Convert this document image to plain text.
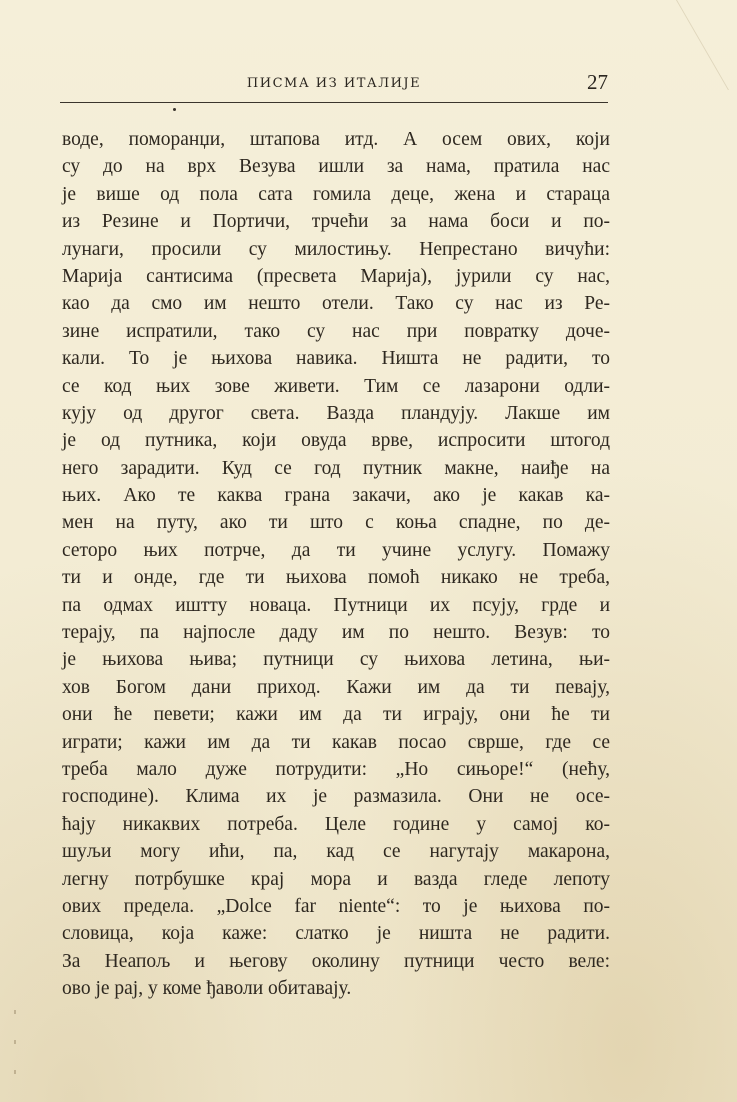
ПИСМА ИЗ ИТАЛИЈЕ	27
воде, поморанџи, штапова итд. А осем ових, који
су до на врх Везува ишли за нама, пратила нас
је више од пола сата гомила деце, жена и стараца
из Резине и Портичи, трчећи за нама боси и по-
лунаги, просили су милостињу. Непрестано вичући:
Марија сантисима (пресвета Марија), јурили су нас,
као да смо им нешто отели. Тако су нас из Ре-
зине испратили, тако су нас при повратку доче-
кали. То је њихова навика. Ништа не радити, то
се код њих зове живети. Тим се лазарони одли-
кују од другог света. Вазда пландују. Лакше им
је од путника, који овуда врве, испросити штогод
него зарадити. Куд се год путник макне, наиђе на
њих. Ако те каква грана закачи, ако је какав ка-
мен на путу, ако ти што с коња спадне, по де-
сеторо њих потрче, да ти учине услугу. Помажу
ти и онде, где ти њихова помоћ никако не треба,
па одмах иштту новаца. Путници их псују, грде и
терају, па најпосле даду им по нешто. Везув: то
је њихова њива; путници су њихова летина, њи-
хов Богом дани приход. Кажи им да ти певају,
они ће певети; кажи им да ти играју, они ће ти
играти; кажи им да ти какав посао сврше, где се
треба мало дуже потрудити: „Но сињоре!“ (нећу,
господине). Клима их је размазила. Они не осе-
ћају никаквих потреба. Целе године у самој ко-
шуљи могу ићи, па, кад се нагутају макарона,
легну потрбушке крај мора и вазда гледе лепоту
ових предела. „Dolce far niente“: то је њихова по-
словица, која каже: слатко је ништа не радити.
За Неапољ и његову околину путници често веле:
ово је рај, у коме ђаволи обитавају.
